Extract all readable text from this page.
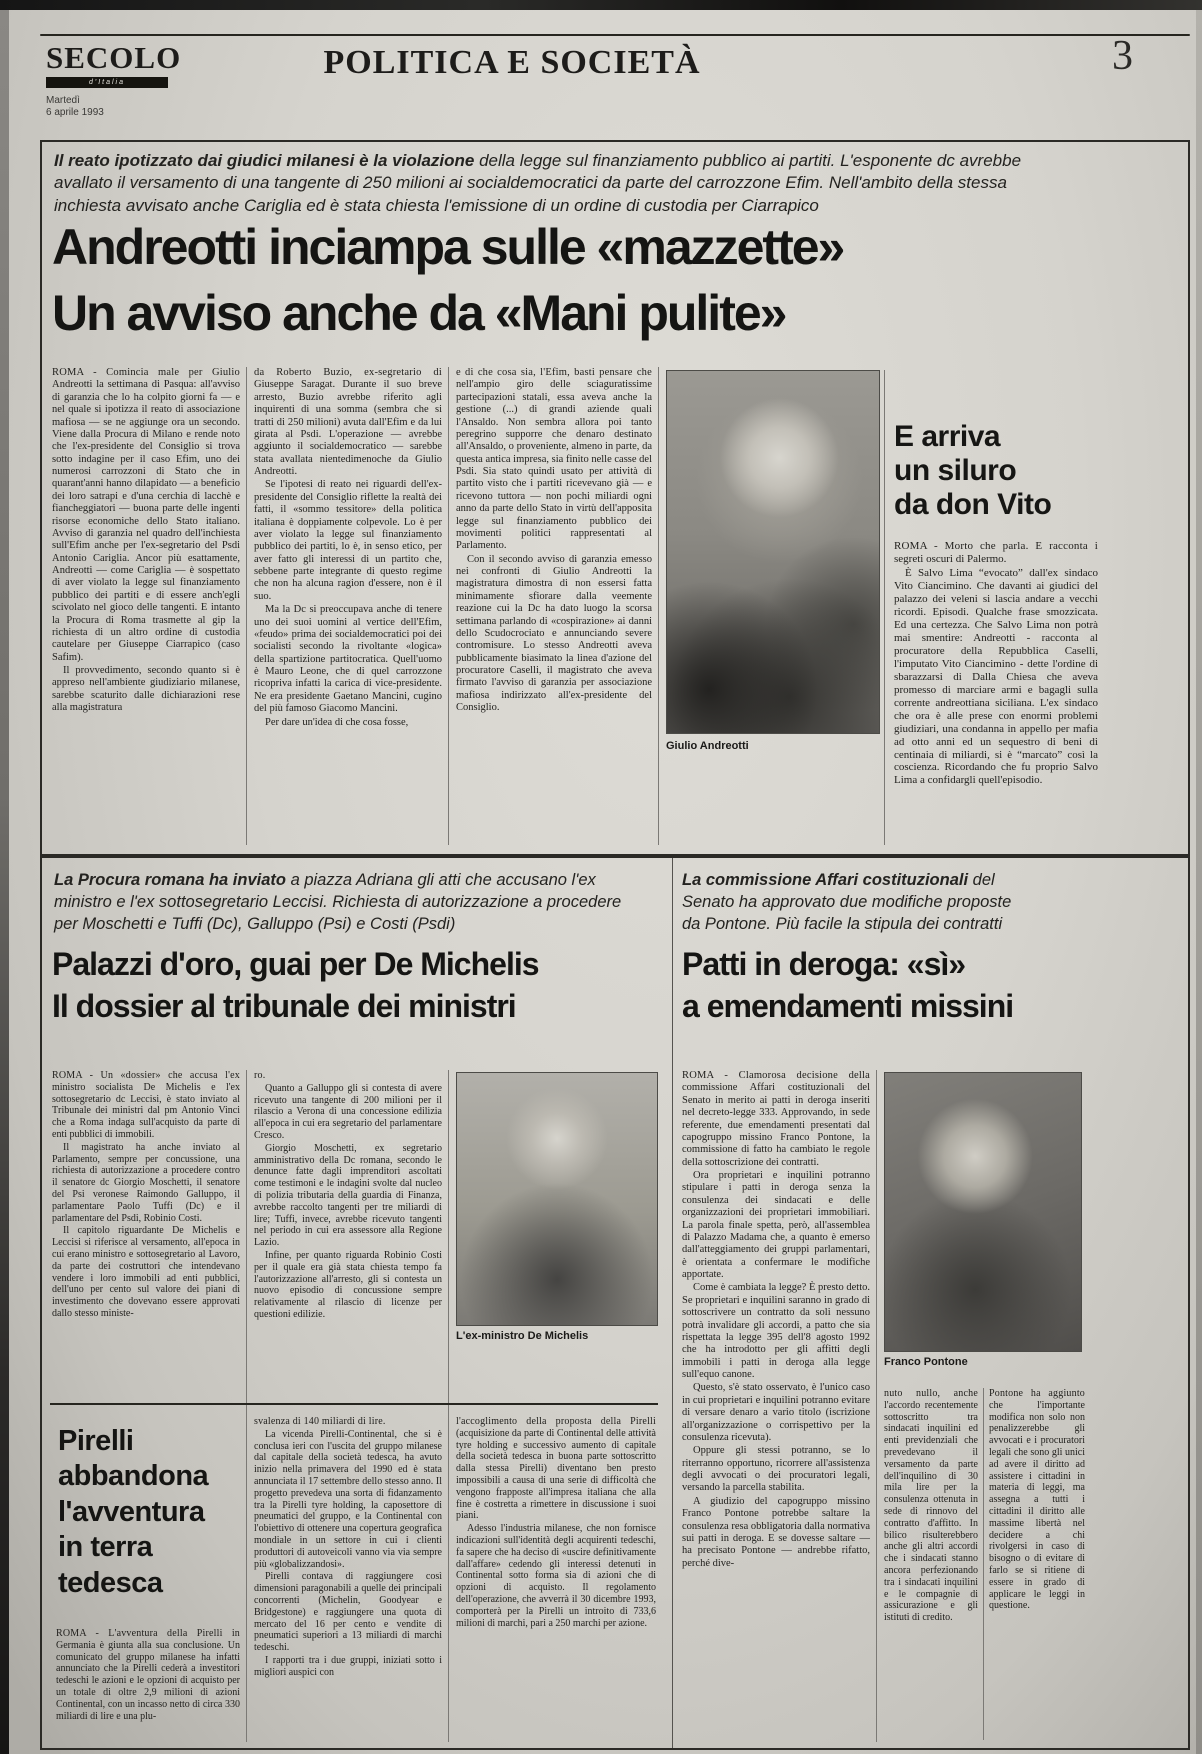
SECOLO
d'Italia
Martedì
6 aprile 1993
POLITICA E SOCIETÀ	3
Il reato ipotizzato dai giudici milanesi è la violazione della legge sul finanziamento pubblico ai partiti. L'esponente dc avrebbe avallato il versamento di una tangente di 250 milioni ai socialdemocratici da parte del carrozzone Efim. Nell'ambito della stessa inchiesta avvisato anche Cariglia ed è stata chiesta l'emissione di un ordine di custodia per Ciarrapico
Andreotti inciampa sulle «mazzette»
Un avviso anche da «Mani pulite»

ROMA - Comincia male per Giulio Andreotti la settimana di Pasqua: all'avviso di garanzia che lo ha colpito giorni fa — e nel quale si ipotizza il reato di associazione mafiosa — se ne aggiunge ora un secondo. Viene dalla Procura di Milano e rende noto che l'ex-presidente del Consiglio si trova sotto indagine per il caso Efim, uno dei numerosi carrozzoni di Stato che in quarant'anni hanno dilapidato — a beneficio dei loro satrapi e d'una cerchia di lacchè e fiancheggiatori — buona parte delle ingenti risorse economiche dello Stato italiano. Avviso di garanzia nel quadro dell'inchiesta sull'Efim anche per l'ex-segretario del Psdi Antonio Cariglia. Ancor più esattamente, Andreotti — come Cariglia — è sospettato di aver violato la legge sul finanziamento pubblico dei partiti e di essere anch'egli scivolato nel gioco delle tangenti. E intanto la Procura di Roma trasmette al gip la richiesta di un altro ordine di custodia cautelare per Giuseppe Ciarrapico (caso Safim).

Il provvedimento, secondo quanto si è appreso nell'ambiente giudiziario milanese, sarebbe scaturito dalle dichiarazioni rese alla magistratura

da Roberto Buzio, ex-segretario di Giuseppe Saragat. Durante il suo breve arresto, Buzio avrebbe riferito agli inquirenti di una somma (sembra che si tratti di 250 milioni) avuta dall'Efim e da lui girata al Psdi. L'operazione — avrebbe aggiunto il socialdemocratico — sarebbe stata avallata nientedimenoche da Giulio Andreotti.

Se l'ipotesi di reato nei riguardi dell'ex-presidente del Consiglio riflette la realtà dei fatti, il «sommo tessitore» della politica italiana è doppiamente colpevole. Lo è per aver violato la legge sul finanziamento pubblico dei partiti, lo è, in senso etico, per aver fatto gli interessi di un partito che, sebbene parte integrante di questo regime che non ha alcuna ragion d'essere, non è il suo.

Ma la Dc si preoccupava anche di tenere uno dei suoi uomini al vertice dell'Efim, «feudo» prima dei socialdemocratici poi dei socialisti secondo la rivoltante «logica» della spartizione partitocratica. Quell'uomo è Mauro Leone, che di quel carrozzone ricopriva infatti la carica di vice-presidente. Ne era presidente Gaetano Mancini, cugino del più famoso Giacomo Mancini.

Per dare un'idea di che cosa fosse,

e di che cosa sia, l'Efim, basti pensare che nell'ampio giro delle sciaguratissime partecipazioni statali, essa aveva anche la gestione (...) di grandi aziende quali l'Ansaldo. Non sembra allora poi tanto peregrino supporre che denaro destinato all'Ansaldo, o proveniente, almeno in parte, da questa antica impresa, sia finito nelle casse del Psdi. Sia stato quindi usato per attività di partito visto che i partiti ricevevano già — e ricevono tuttora — non pochi miliardi ogni anno da parte dello Stato in virtù dell'apposita legge sul finanziamento pubblico dei movimenti politici rappresentati al Parlamento.

Con il secondo avviso di garanzia emesso nei confronti di Giulio Andreotti la magistratura dimostra di non essersi fatta minimamente sfiorare dalla veemente reazione cui la Dc ha dato luogo la scorsa settimana parlando di «cospirazione» ai danni dello Scudocrociato e annunciando severe contromisure. Lo stesso Andreotti aveva pubblicamente biasimato la linea d'azione del procuratore Caselli, il magistrato che aveva firmato l'avviso di garanzia per associazione mafiosa indirizzato all'ex-presidente del Consiglio.

Giulio Andreotti
E arriva
un siluro
da don Vito

ROMA - Morto che parla. E racconta i segreti oscuri di Palermo.

È Salvo Lima “evocato” dall'ex sindaco Vito Ciancimino. Che davanti ai giudici del palazzo dei veleni si lascia andare a vecchi ricordi. Episodi. Qualche frase smozzicata. Ed una certezza. Che Salvo Lima non potrà mai smentire: Andreotti - racconta al procuratore della Repubblica Caselli, l'imputato Vito Ciancimino - dette l'ordine di sbarazzarsi di Dalla Chiesa che aveva promesso di marciare armi e bagagli sulla corrente andreottiana siciliana. L'ex sindaco che ora è alle prese con enormi problemi giudiziari, una condanna in appello per mafia ad otto anni ed un sequestro di beni di centinaia di miliardi, si è “marcato” così la coscienza. Ricordando che fu proprio Salvo Lima a confidargli quell'episodio.

La Procura romana ha inviato a piazza Adriana gli atti che accusano l'ex ministro e l'ex sottosegretario Leccisi. Richiesta di autorizzazione a procedere per Moschetti e Tuffi (Dc), Galluppo (Psi) e Costi (Psdi)
Palazzi d'oro, guai per De Michelis
Il dossier al tribunale dei ministri
La commissione Affari costituzionali del Senato ha approvato due modifiche proposte da Pontone. Più facile la stipula dei contratti
Patti in deroga: «sì»
a emendamenti missini

ROMA - Un «dossier» che accusa l'ex ministro socialista De Michelis e l'ex sottosegretario dc Leccisi, è stato inviato al Tribunale dei ministri dal pm Antonio Vinci che a Roma indaga sull'acquisto da parte di enti pubblici di immobili.

Il magistrato ha anche inviato al Parlamento, sempre per concussione, una richiesta di autorizzazione a procedere contro il senatore dc Giorgio Moschetti, il senatore del Psi veronese Raimondo Galluppo, il parlamentare Paolo Tuffi (Dc) e il parlamentare del Psdi, Robinio Costi.

Il capitolo riguardante De Michelis e Leccisi si riferisce al versamento, all'epoca in cui erano ministro e sottosegretario al Lavoro, da parte dei costruttori che intendevano vendere i loro immobili ad enti pubblici, dell'uno per cento sul valore dei piani di investimento che dovevano essere approvati dallo stesso ministe-

ro.

Quanto a Galluppo gli si contesta di avere ricevuto una tangente di 200 milioni per il rilascio a Verona di una concessione edilizia all'epoca in cui era segretario del parlamentare Cresco.

Giorgio Moschetti, ex segretario amministrativo della Dc romana, secondo le denunce fatte dagli imprenditori ascoltati come testimoni e le indagini svolte dal nucleo di polizia tributaria della guardia di Finanza, avrebbe raccolto tangenti per tre miliardi di lire; Tuffi, invece, avrebbe ricevuto tangenti nel periodo in cui era assessore alla Regione Lazio.

Infine, per quanto riguarda Robinio Costi per il quale era già stata chiesta tempo fa l'autorizzazione all'arresto, gli si contesta un nuovo episodio di concussione sempre relativamente al rilascio di licenze per questioni edilizie.

L'ex-ministro De Michelis
Pirelli
abbandona
l'avventura
in terra
tedesca

ROMA - L'avventura della Pirelli in Germania è giunta alla sua conclusione. Un comunicato del gruppo milanese ha infatti annunciato che la Pirelli cederà a investitori tedeschi le azioni e le opzioni di acquisto per un totale di oltre 2,9 milioni di azioni Continental, con un incasso netto di circa 330 miliardi di lire e una plu-

svalenza di 140 miliardi di lire.

La vicenda Pirelli-Continental, che si è conclusa ieri con l'uscita del gruppo milanese dal capitale della società tedesca, ha avuto inizio nella primavera del 1990 ed è stata annunciata il 17 settembre dello stesso anno. Il progetto prevedeva una sorta di fidanzamento tra la Pirelli tyre holding, la caposettore di pneumatici del gruppo, e la Continental con l'obiettivo di ottenere una copertura geografica mondiale in un settore in cui i clienti produttori di autoveicoli vanno via via sempre più «globalizzandosi».

Pirelli contava di raggiungere così dimensioni paragonabili a quelle dei principali concorrenti (Michelin, Goodyear e Bridgestone) e raggiungere una quota di mercato del 16 per cento e vendite di pneumatici superiori a 13 miliardi di marchi tedeschi.

I rapporti tra i due gruppi, iniziati sotto i migliori auspici con

l'accoglimento della proposta della Pirelli (acquisizione da parte di Continental delle attività tyre holding e successivo aumento di capitale della società tedesca in buona parte sottoscritto dalla stessa Pirelli) diventano ben presto impossibili a causa di una serie di difficoltà che vengono frapposte all'impresa italiana che alla fine è costretta a rimettere in discussione i suoi piani.

Adesso l'industria milanese, che non fornisce indicazioni sull'identità degli acquirenti tedeschi, fa sapere che ha deciso di «uscire definitivamente dall'affare» cedendo gli interessi detenuti in Continental sotto forma sia di azioni che di opzioni di acquisto. Il regolamento dell'operazione, che avverrà il 30 dicembre 1993, comporterà per la Pirelli un introito di 733,6 milioni di marchi, pari a 250 marchi per azione.

ROMA - Clamorosa decisione della commissione Affari costituzionali del Senato in merito ai patti in deroga inseriti nel decreto-legge 333. Approvando, in sede referente, due emendamenti presentati dal capogruppo missino Franco Pontone, la commissione di fatto ha cambiato le regole della sottoscrizione dei contratti.

Ora proprietari e inquilini potranno stipulare i patti in deroga senza la consulenza dei sindacati e delle organizzazioni dei proprietari immobiliari. La parola finale spetta, però, all'assemblea di Palazzo Madama che, a quanto è emerso dall'atteggiamento dei gruppi parlamentari, è orientata a confermare le modifiche apportate.

Come è cambiata la legge? È presto detto. Se proprietari e inquilini saranno in grado di sottoscrivere un contratto da soli nessuno potrà invalidare gli accordi, a patto che sia rispettata la legge 395 dell'8 agosto 1992 che ha introdotto per gli affitti degli immobili i patti in deroga alla legge sull'equo canone.

Questo, s'è stato osservato, è l'unico caso in cui proprietari e inquilini potranno evitare di versare denaro a vario titolo (iscrizione all'organizzazione o corrispettivo per la consulenza ricevuta).

Oppure gli stessi potranno, se lo riterranno opportuno, ricorrere all'assistenza degli avvocati o dei procuratori legali, versando la parcella stabilita.

A giudizio del capogruppo missino Franco Pontone potrebbe saltare la consulenza resa obbligatoria dalla normativa sui patti in deroga. E se dovesse saltare — ha precisato Pontone — andrebbe rifatto, perché dive-

Franco Pontone

nuto nullo, anche l'accordo recentemente sottoscritto tra sindacati inquilini ed enti previdenziali che prevedevano il versamento da parte dell'inquilino di 30 mila lire per la consulenza ottenuta in sede di rinnovo del contratto d'affitto. In bilico risulterebbero anche gli altri accordi che i sindacati stanno ancora perfezionando tra i sindacati inquilini e le compagnie di assicurazione e gli istituti di credito.

Pontone ha aggiunto che l'importante modifica non solo non penalizzerebbe gli avvocati e i procuratori legali che sono gli unici ad avere il diritto ad assistere i cittadini in materia di leggi, ma assegna a tutti i cittadini il diritto alle massime libertà nel decidere a chi rivolgersi in caso di bisogno o di evitare di farlo se si ritiene di essere in grado di applicare le leggi in questione.
